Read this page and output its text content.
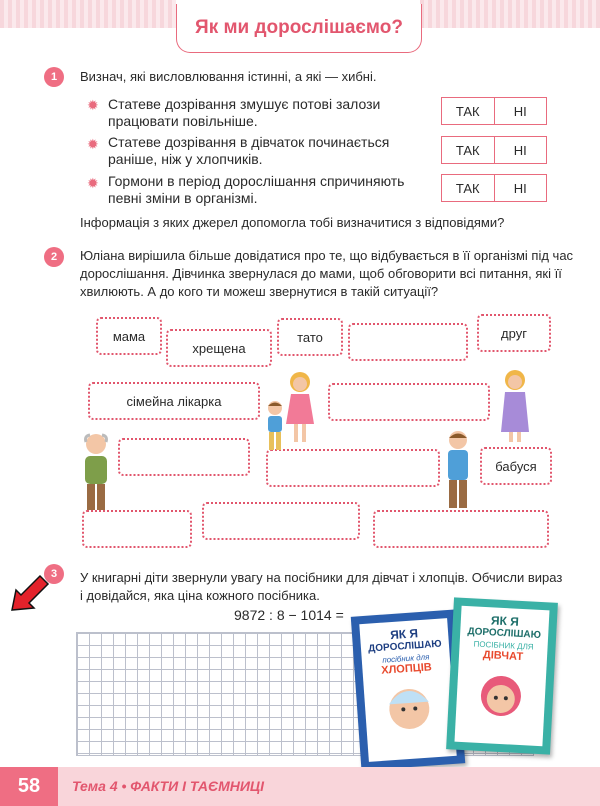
Як ми дорослішаємо?
1	Визнач, які висловлювання істинні, а які — хибні.
✹ Статеве дозрівання змушує потові залози
працювати повільніше.
ТАК	НІ
✹ Статеве дозрівання в дівчаток починається
раніше, ніж у хлопчиків.
ТАК	НІ
✹ Гормони в період дорослішання спричиняють
певні зміни в організмі.
ТАК	НІ
Інформація з яких джерел допомогла тобі визначитися з відповідями?
2	Юліана вирішила більше довідатися про те, що відбувається в її організмі під час
дорослішання. Дівчинка звернулася до мами, щоб обговорити всі питання, які її
хвилюють. А до кого ти можеш звернутися в такій ситуації?
мама
хрещена
тато	друг
сімейна лікарка
бабуся
3	У книгарні діти звернули увагу на посібники для дівчат і хлопців. Обчисли вираз
і довідайся, яка ціна кожного посібника.
9872 : 8 − 1014 =
ЯК Я
ДОРОСЛІШАЮ
посібник для
ХЛОПЦІВ
ЯК Я
ДОРОСЛІШАЮ
ПОСІБНИК ДЛЯ
ДІВЧАТ
58	Тема 4 • ФАКТИ І ТАЄМНИЦІ
